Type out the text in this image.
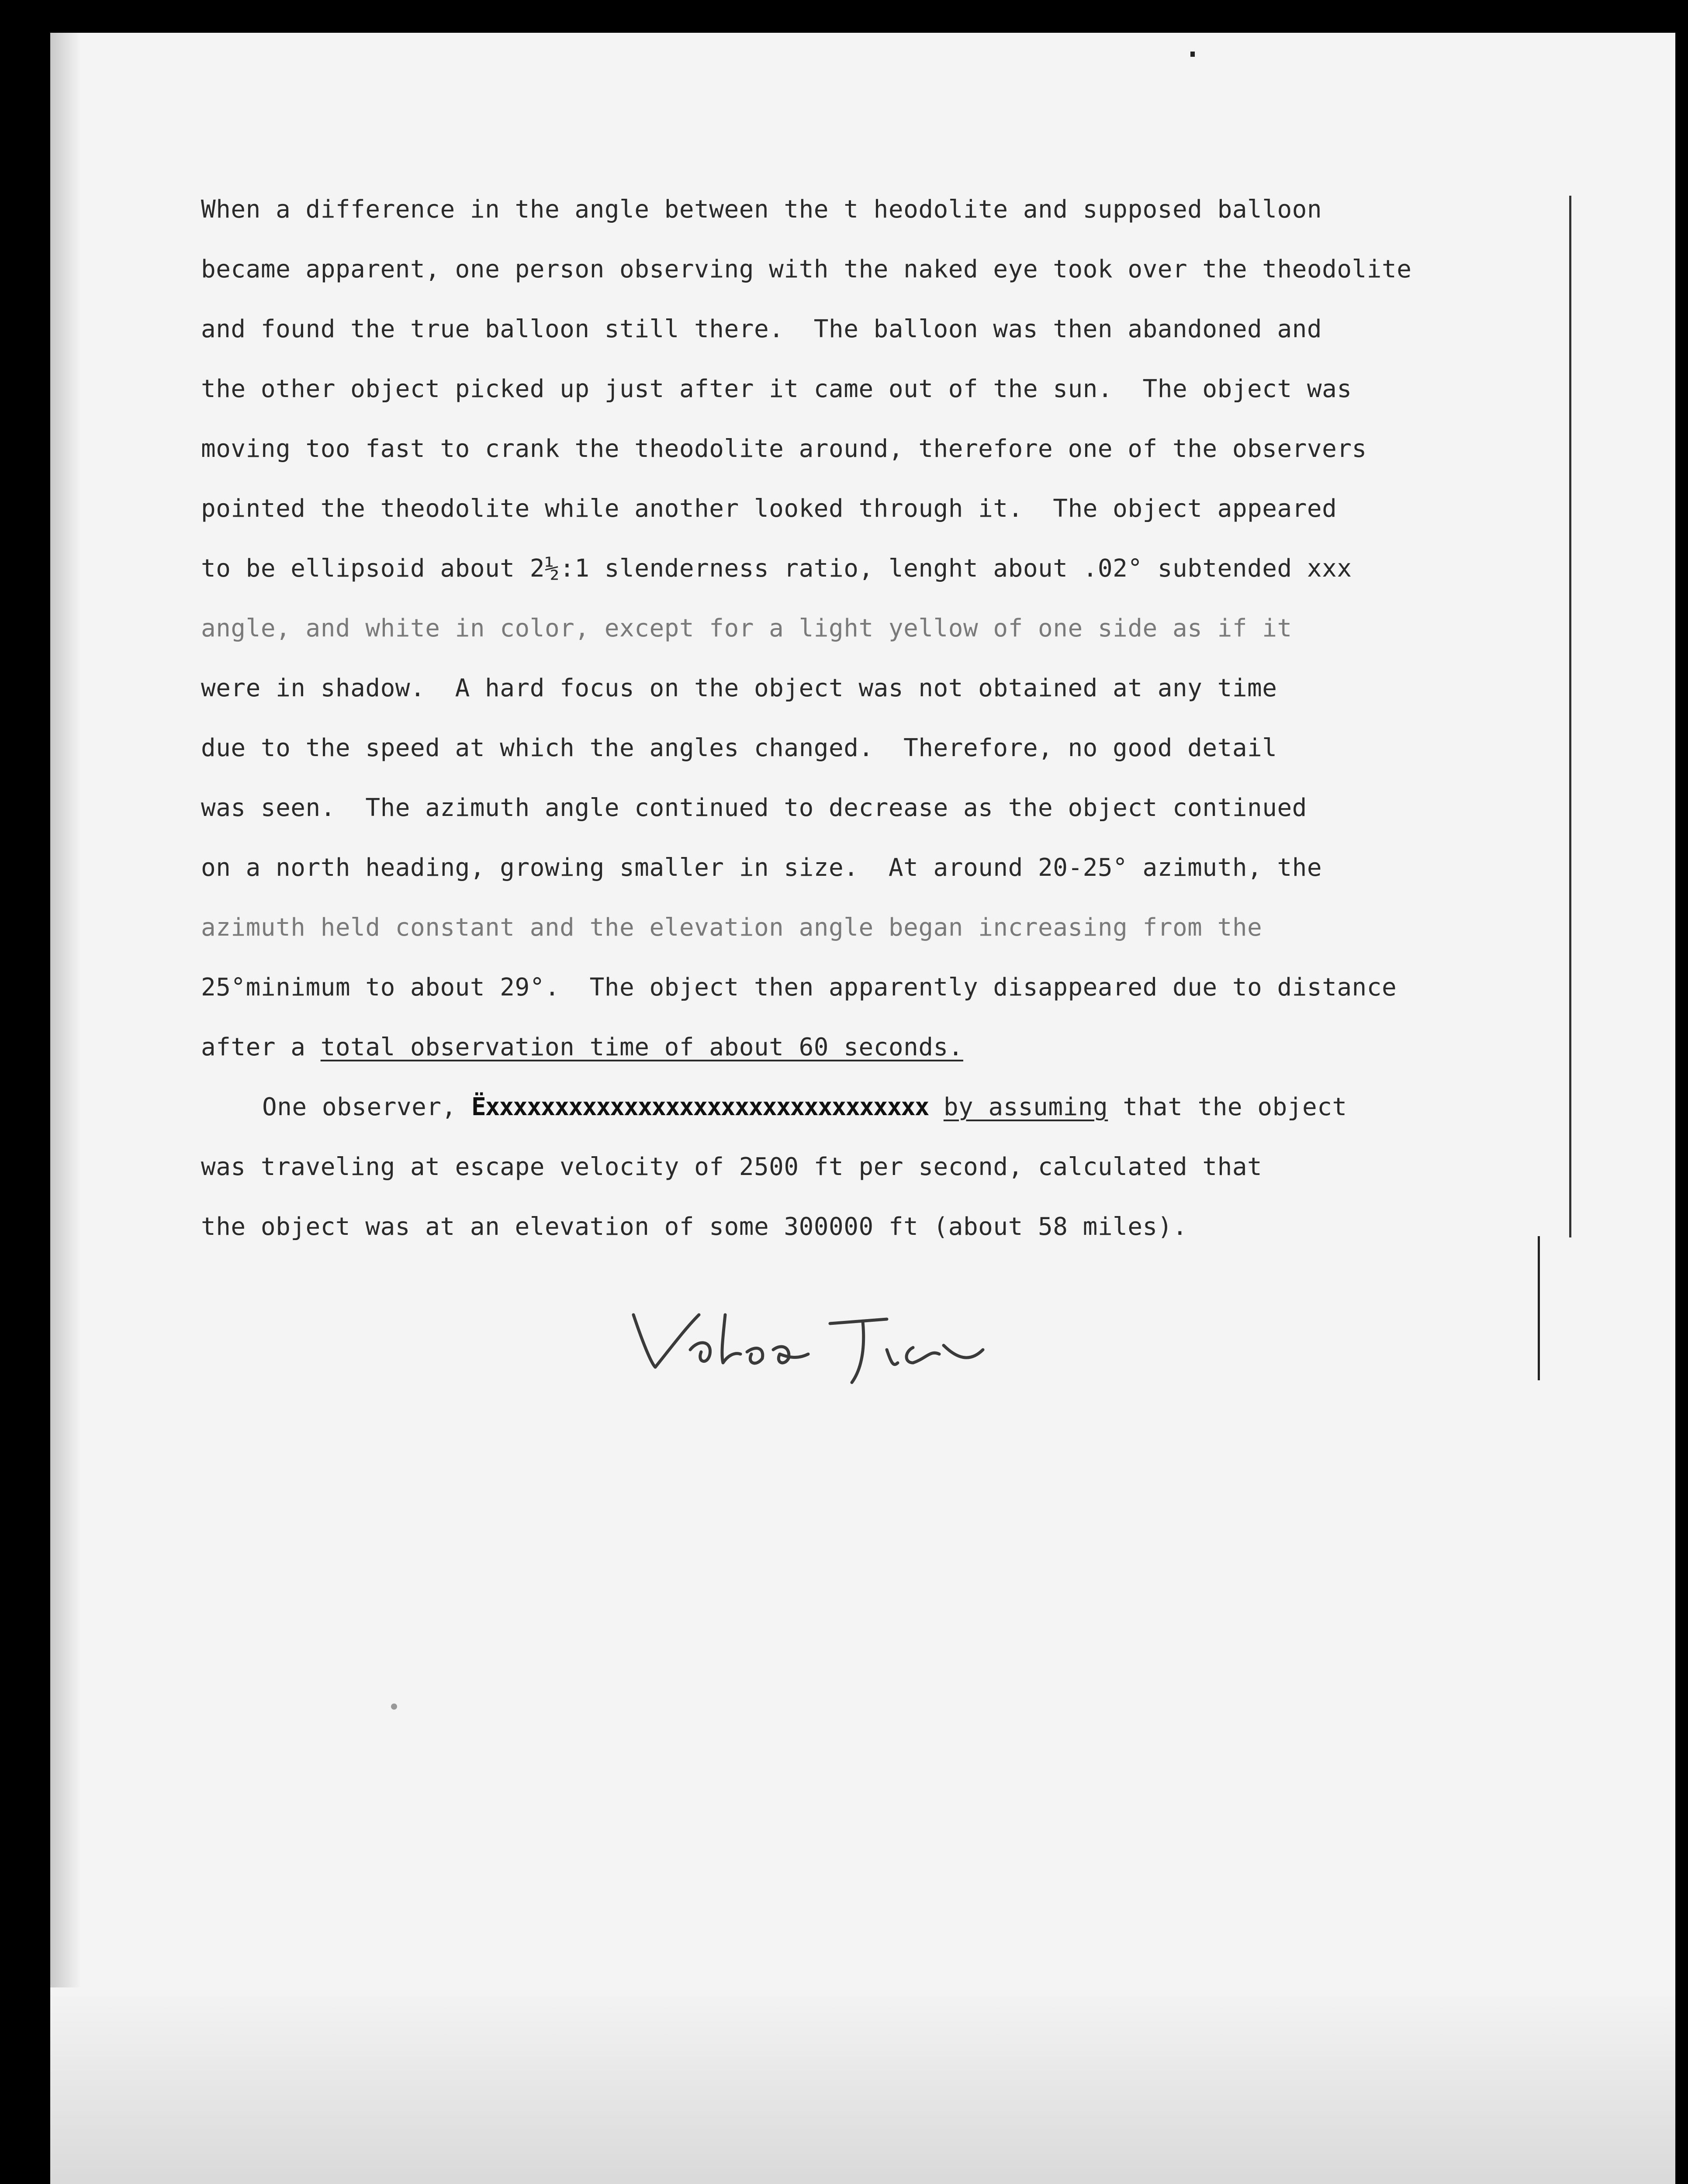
When a difference in the angle between the t heodolite and supposed balloon
became apparent, one person observing with the naked eye took over the theodolite
and found the true balloon still there.  The balloon was then abandoned and
the other object picked up just after it came out of the sun.  The object was
moving too fast to crank the theodolite around, therefore one of the observers
pointed the theodolite while another looked through it.  The object appeared
to be ellipsoid about 2½:1 slenderness ratio, lenght about .02° subtended xxx
angle, and white in color, except for a light yellow of one side as if it
were in shadow.  A hard focus on the object was not obtained at any time
due to the speed at which the angles changed.  Therefore, no good detail
was seen.  The azimuth angle continued to decrease as the object continued
on a north heading, growing smaller in size.  At around 20-25° azimuth, the
azimuth held constant and the elevation angle began increasing from the
25°minimum to about 29°.  The object then apparently disappeared due to distance
after a total observation time of about 60 seconds.
One observer, Ëxxxxxxxxxxxxxxxxxxxxxxxxxxxxxxxx by assuming that the object
was traveling at escape velocity of 2500 ft per second, calculated that
the object was at an elevation of some 300000 ft (about 58 miles).
